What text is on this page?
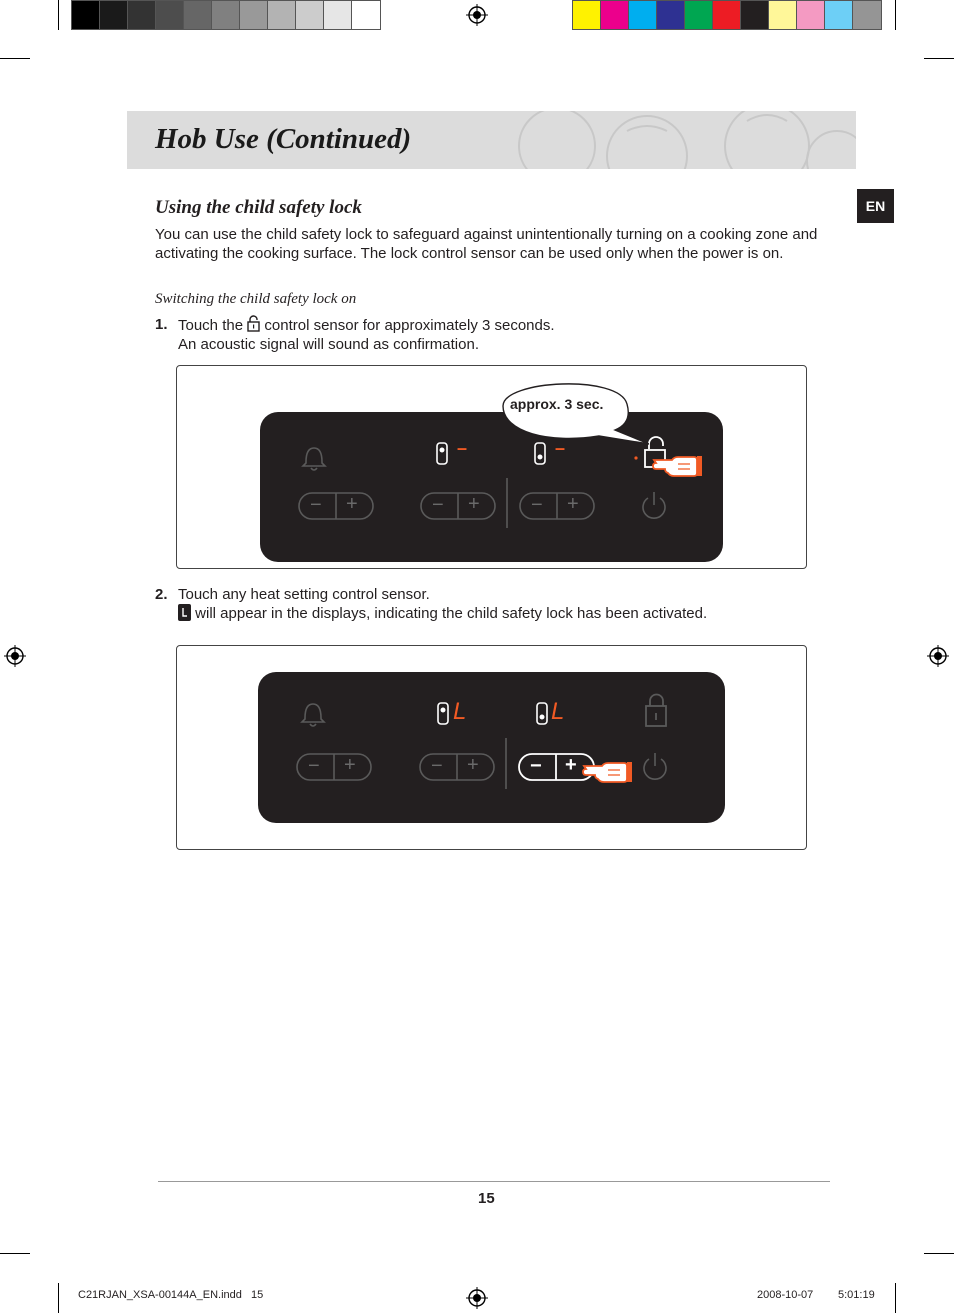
Hob Use (Continued)
EN
Using the child safety lock
You can use the child safety lock to safeguard against unintentionally turning on a cooking zone and activating the cooking surface. The lock control sensor can be used only when the power is on.
Switching the child safety lock on
1. Touch the control sensor for approximately 3 seconds.
An acoustic signal will sound as confirmation.
–	–
− +	− +	− +
approx. 3 sec.
2. Touch any heat setting control sensor.
will appear in the displays, indicating the child safety lock has been activated.
L	L
− +	− +	− +
15
C21RJAN_XSA-00144A_EN.indd   15	2008-10-07 5:01:19
